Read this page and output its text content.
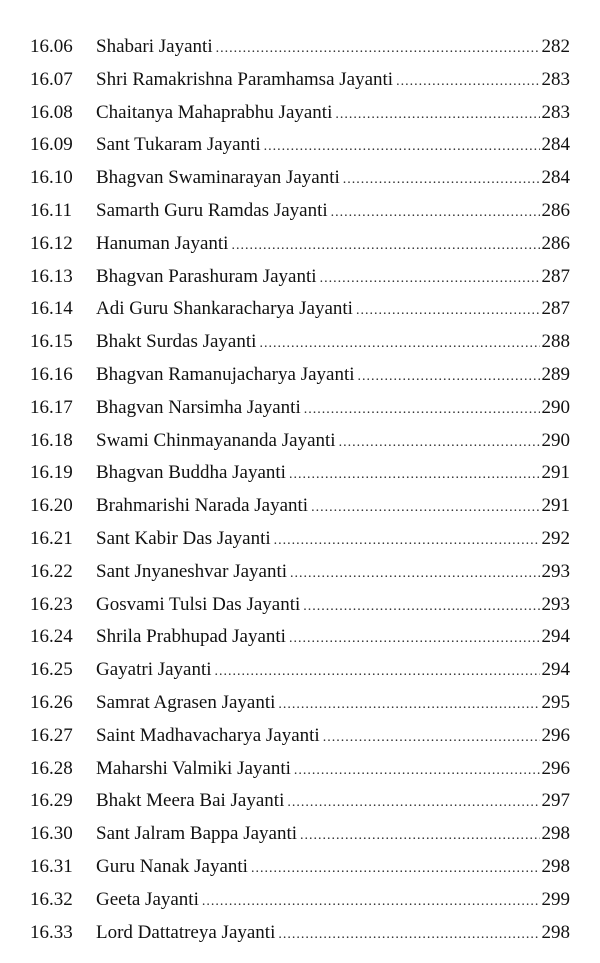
16.06	Shabari Jayanti .....	282
16.07	Shri Ramakrishna Paramhamsa Jayanti .....	283
16.08	Chaitanya Mahaprabhu Jayanti .....	283
16.09	Sant Tukaram Jayanti .....	284
16.10	Bhagvan Swaminarayan Jayanti .....	284
16.11	Samarth Guru Ramdas Jayanti .....	286
16.12	Hanuman Jayanti .....	286
16.13	Bhagvan Parashuram Jayanti .....	287
16.14	Adi Guru Shankaracharya Jayanti .....	287
16.15	Bhakt Surdas Jayanti .....	288
16.16	Bhagvan Ramanujacharya Jayanti .....	289
16.17	Bhagvan Narsimha Jayanti .....	290
16.18	Swami Chinmayananda Jayanti .....	290
16.19	Bhagvan Buddha Jayanti .....	291
16.20	Brahmarishi Narada Jayanti .....	291
16.21	Sant Kabir Das Jayanti .....	292
16.22	Sant Jnyaneshvar Jayanti .....	293
16.23	Gosvami Tulsi Das Jayanti .....	293
16.24	Shrila Prabhupad Jayanti .....	294
16.25	Gayatri Jayanti .....	294
16.26	Samrat Agrasen Jayanti .....	295
16.27	Saint Madhavacharya Jayanti .....	296
16.28	Maharshi Valmiki Jayanti .....	296
16.29	Bhakt Meera Bai Jayanti .....	297
16.30	Sant Jalram Bappa Jayanti .....	298
16.31	Guru Nanak Jayanti .....	298
16.32	Geeta Jayanti .....	299
16.33	Lord Dattatreya Jayanti .....	298
